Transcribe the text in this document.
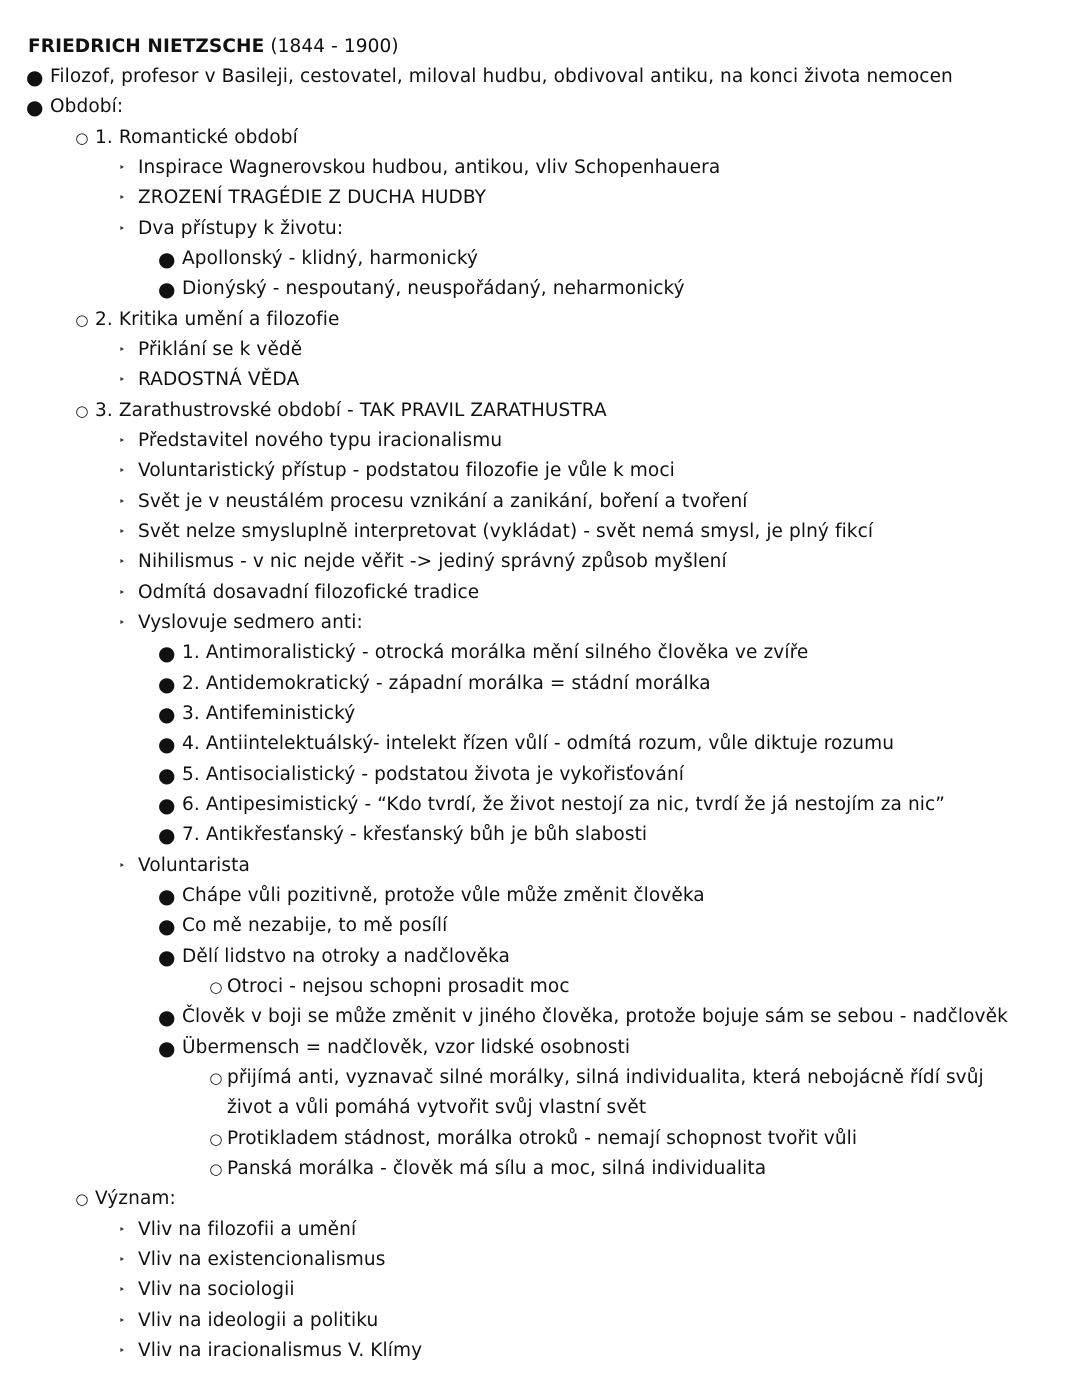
FRIEDRICH NIETZSCHE (1844 - 1900)
● Filozof, profesor v Basileji, cestovatel, miloval hudbu, obdivoval antiku, na konci života nemocen
● Období:
○ 1. Romantické období
‣ Inspirace Wagnerovskou hudbou, antikou, vliv Schopenhauera
‣ ZROZENÍ TRAGÉDIE Z DUCHA HUDBY
‣ Dva přístupy k životu:
● Apollonský - klidný, harmonický
● Dionýský - nespoutaný, neuspořádaný, neharmonický
○ 2. Kritika umění a filozofie
‣ Přiklání se k vědě
‣ RADOSTNÁ VĚDA
○ 3. Zarathustrovské období - TAK PRAVIL ZARATHUSTRA
‣ Představitel nového typu iracionalismu
‣ Voluntaristický přístup - podstatou filozofie je vůle k moci
‣ Svět je v neustálém procesu vznikání a zanikání, boření a tvoření
‣ Svět nelze smysluplně interpretovat (vykládat) - svět nemá smysl, je plný fikcí
‣ Nihilismus - v nic nejde věřit -> jediný správný způsob myšlení
‣ Odmítá dosavadní filozofické tradice
‣ Vyslovuje sedmero anti:
● 1. Antimoralistický - otrocká morálka mění silného člověka ve zvíře
● 2. Antidemokratický - západní morálka = stádní morálka
● 3. Antifeministický
● 4. Antiintelektuálský- intelekt řízen vůlí - odmítá rozum, vůle diktuje rozumu
● 5. Antisocialistický - podstatou života je vykořisťování
● 6. Antipesimistický - “Kdo tvrdí, že život nestojí za nic, tvrdí že já nestojím za nic”
● 7. Antikřesťanský - křesťanský bůh je bůh slabosti
‣ Voluntarista
● Chápe vůli pozitivně, protože vůle může změnit člověka
● Co mě nezabije, to mě posílí
● Dělí lidstvo na otroky a nadčlověka
○ Otroci - nejsou schopni prosadit moc
● Člověk v boji se může změnit v jiného člověka, protože bojuje sám se sebou - nadčlověk
● Übermensch = nadčlověk, vzor lidské osobnosti
○ přijímá anti, vyznavač silné morálky, silná individualita, která nebojácně řídí svůj
život a vůli pomáhá vytvořit svůj vlastní svět
○ Protikladem stádnost, morálka otroků - nemají schopnost tvořit vůli
○ Panská morálka - člověk má sílu a moc, silná individualita
○ Význam:
‣ Vliv na filozofii a umění
‣ Vliv na existencionalismus
‣ Vliv na sociologii
‣ Vliv na ideologii a politiku
‣ Vliv na iracionalismus V. Klímy
